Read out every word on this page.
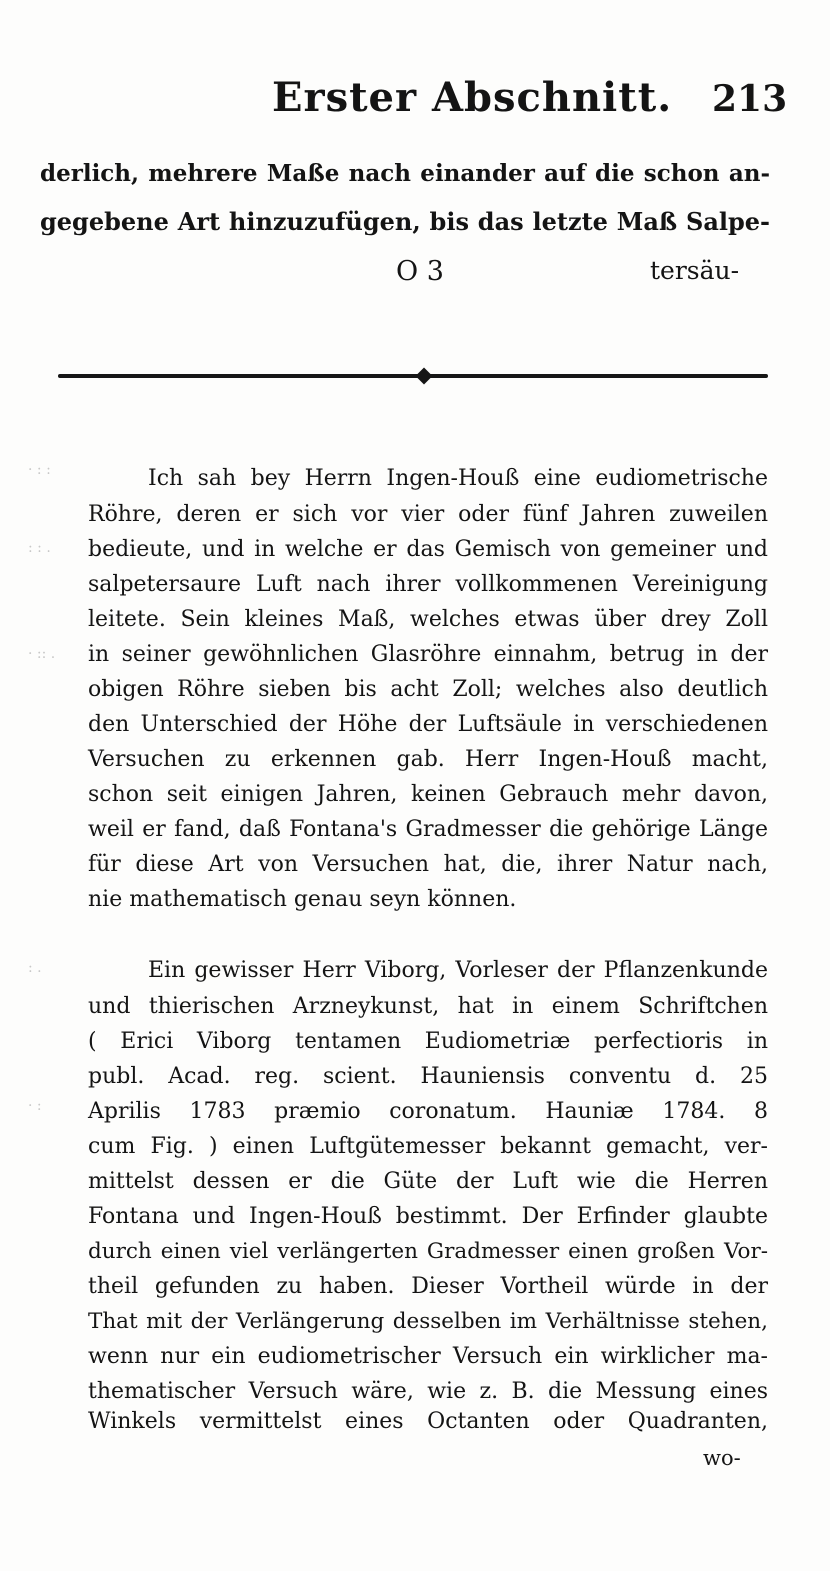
Erster Abschnitt. 213
derlich, mehrere Maße nach einander auf die schon an-
gegebene Art hinzuzufügen, bis das letzte Maß Salpe-
O 3	tersäu-
· : :
: : .
· :: .
: .
· :
Ich sah bey Herrn Ingen-Houß eine eudiometrische
Röhre, deren er sich vor vier oder fünf Jahren zuweilen
bedieute, und in welche er das Gemisch von gemeiner und
salpetersaure Luft nach ihrer vollkommenen Vereinigung
leitete. Sein kleines Maß, welches etwas über drey Zoll
in seiner gewöhnlichen Glasröhre einnahm, betrug in der
obigen Röhre sieben bis acht Zoll; welches also deutlich
den Unterschied der Höhe der Luftsäule in verschiedenen
Versuchen zu erkennen gab. Herr Ingen-Houß macht,
schon seit einigen Jahren, keinen Gebrauch mehr davon,
weil er fand, daß Fontana's Gradmesser die gehörige Länge
für diese Art von Versuchen hat, die, ihrer Natur nach,
nie mathematisch genau seyn können.
Ein gewisser Herr Viborg, Vorleser der Pflanzenkunde
und thierischen Arzneykunst, hat in einem Schriftchen
( Erici Viborg tentamen Eudiometriæ perfectioris in
publ. Acad. reg. scient. Hauniensis conventu d. 25
Aprilis 1783 præmio coronatum. Hauniæ 1784. 8
cum Fig. ) einen Luftgütemesser bekannt gemacht, ver-
mittelst dessen er die Güte der Luft wie die Herren
Fontana und Ingen-Houß bestimmt. Der Erfinder glaubte
durch einen viel verlängerten Gradmesser einen großen Vor-
theil gefunden zu haben. Dieser Vortheil würde in der
That mit der Verlängerung desselben im Verhältnisse stehen,
wenn nur ein eudiometrischer Versuch ein wirklicher ma-
thematischer Versuch wäre, wie z. B. die Messung eines
Winkels vermittelst eines Octanten oder Quadranten,
wo-
